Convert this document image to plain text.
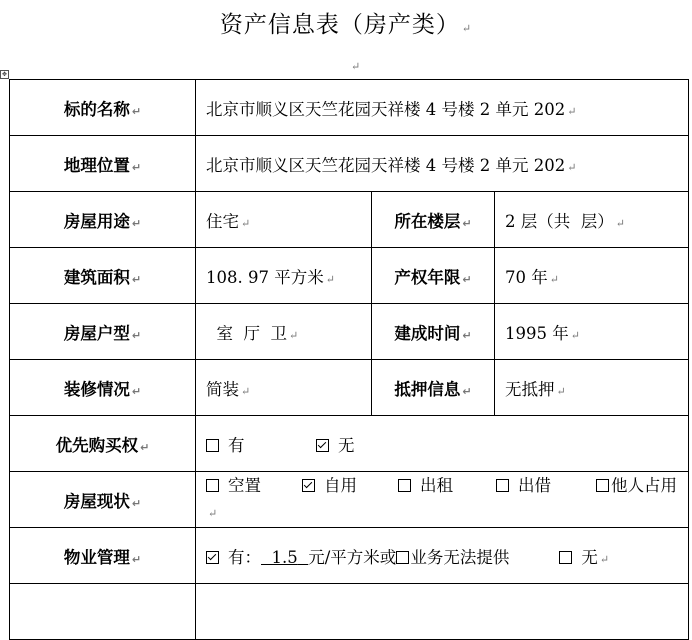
资产信息表（房产类） ↵
↵
✥
标的名称 ↵	北京市顺义区天竺花园天祥楼 4 号楼 2 单元 202 ↵		
地理位置 ↵	北京市顺义区天竺花园天祥楼 4 号楼 2 单元 202 ↵		
房屋用途 ↵	住宅 ↵	所在楼层 ↵	2 层（共  层） ↵
建筑面积 ↵	108. 97 平方米 ↵	产权年限 ↵	70 年 ↵
房屋户型 ↵	室  厅  卫 ↵	建成时间 ↵	1995 年 ↵
装修情况 ↵	简装 ↵	抵押信息 ↵	无抵押 ↵
优先购买权 ↵	有 无		
房屋现状 ↵	空置 自用 出租 出借 他人占用↵		
物业管理 ↵	有： 1.5 元/平方米或 业务无法提供 无 ↵		
